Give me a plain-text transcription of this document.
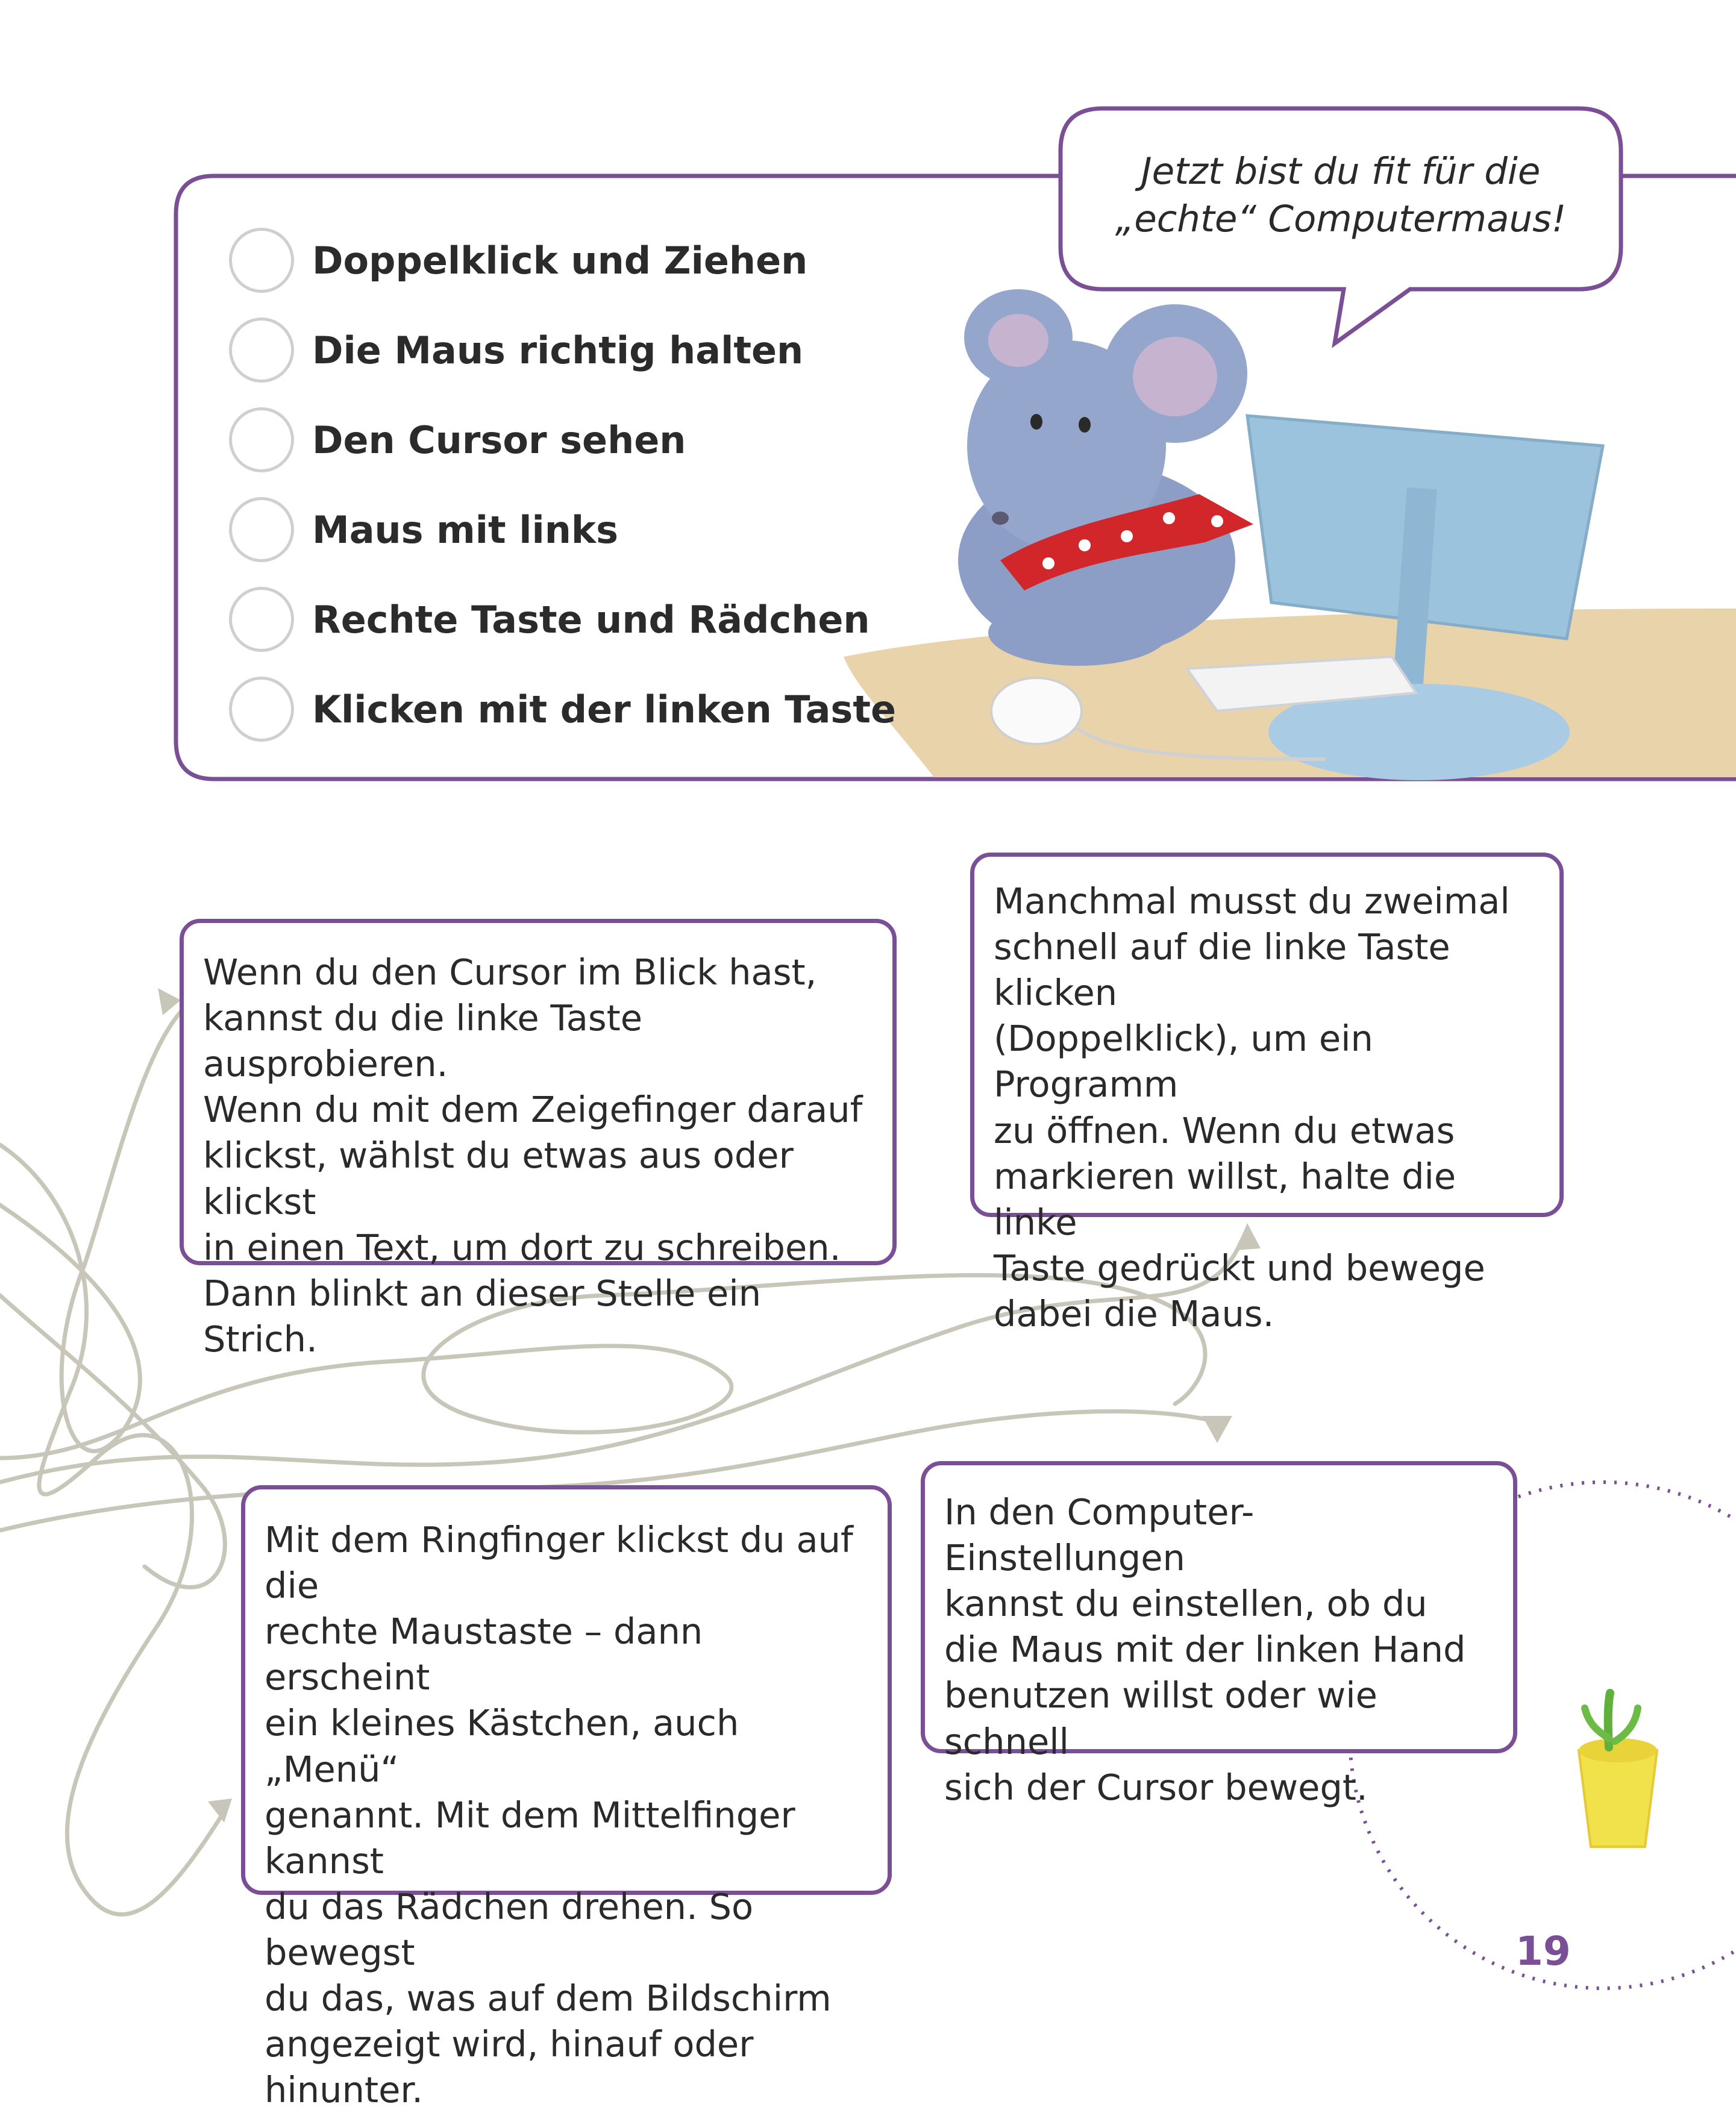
Jetzt bist du fit für die
„echte“ Computermaus!
Doppelklick und Ziehen
Die Maus richtig halten
Den Cursor sehen
Maus mit links
Rechte Taste und Rädchen
Klicken mit der linken Taste

Wenn du den Cursor im Blick hast,
kannst du die linke Taste ausprobieren.
Wenn du mit dem Zeigefinger darauf
klickst, wählst du etwas aus oder klickst
in einen Text, um dort zu schreiben.
Dann blinkt an dieser Stelle ein Strich.

Manchmal musst du zweimal
schnell auf die linke Taste klicken
(Doppelklick), um ein Programm
zu öffnen. Wenn du etwas
markieren willst, halte die linke
Taste gedrückt und bewege
dabei die Maus.

Mit dem Ringfinger klickst du auf die
rechte Maustaste – dann erscheint
ein kleines Kästchen, auch „Menü“
genannt. Mit dem Mittelfinger kannst
du das Rädchen drehen. So bewegst
du das, was auf dem Bildschirm
angezeigt wird, hinauf oder hinunter.

In den Computer-Einstellungen
kannst du einstellen, ob du
die Maus mit der linken Hand
benutzen willst oder wie schnell
sich der Cursor bewegt.

19
